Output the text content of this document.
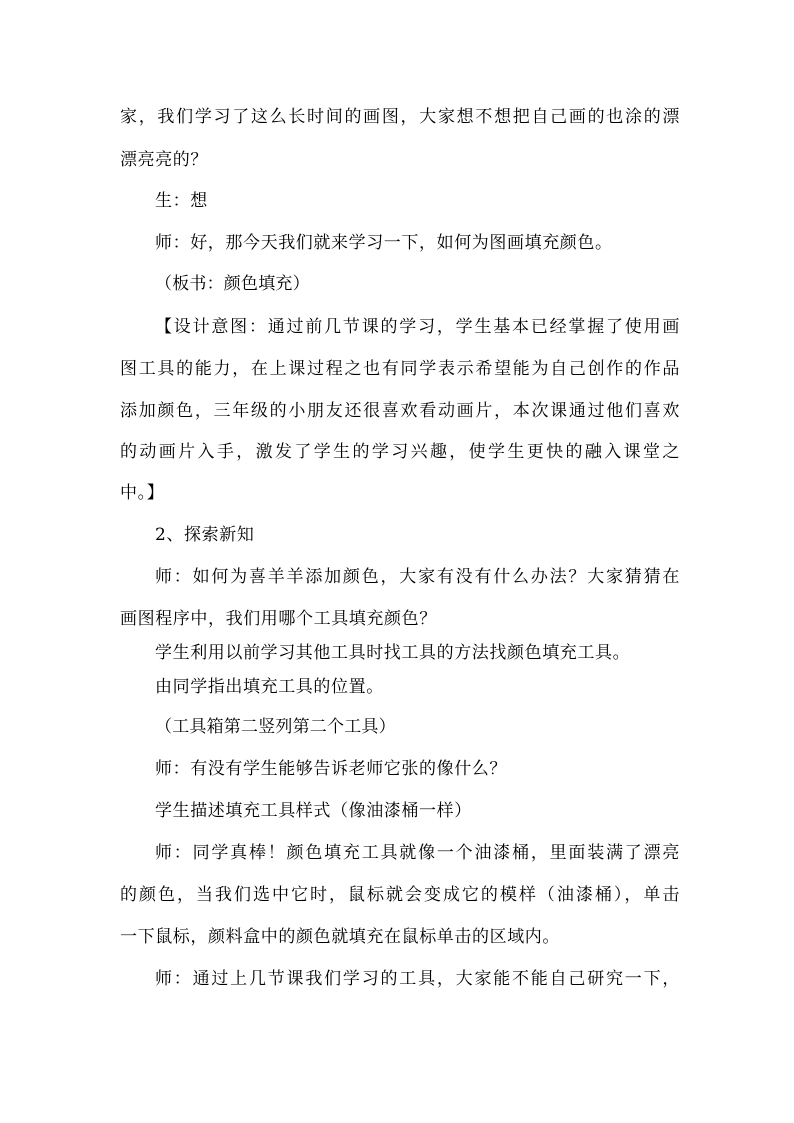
家，我们学习了这么长时间的画图，大家想不想把自己画的也涂的漂
漂亮亮的？
生：想
师：好，那今天我们就来学习一下，如何为图画填充颜色。
（板书：颜色填充）
【设计意图：通过前几节课的学习，学生基本已经掌握了使用画
图工具的能力，在上课过程之也有同学表示希望能为自己创作的作品
添加颜色，三年级的小朋友还很喜欢看动画片，本次课通过他们喜欢
的动画片入手，激发了学生的学习兴趣，使学生更快的融入课堂之
中。】
2、探索新知
师：如何为喜羊羊添加颜色，大家有没有什么办法？大家猜猜在
画图程序中，我们用哪个工具填充颜色？
学生利用以前学习其他工具时找工具的方法找颜色填充工具。
由同学指出填充工具的位置。
（工具箱第二竖列第二个工具）
师：有没有学生能够告诉老师它张的像什么？
学生描述填充工具样式（像油漆桶一样）
师：同学真棒！颜色填充工具就像一个油漆桶，里面装满了漂亮
的颜色，当我们选中它时，鼠标就会变成它的模样（油漆桶），单击
一下鼠标，颜料盒中的颜色就填充在鼠标单击的区域内。
师：通过上几节课我们学习的工具，大家能不能自己研究一下，
